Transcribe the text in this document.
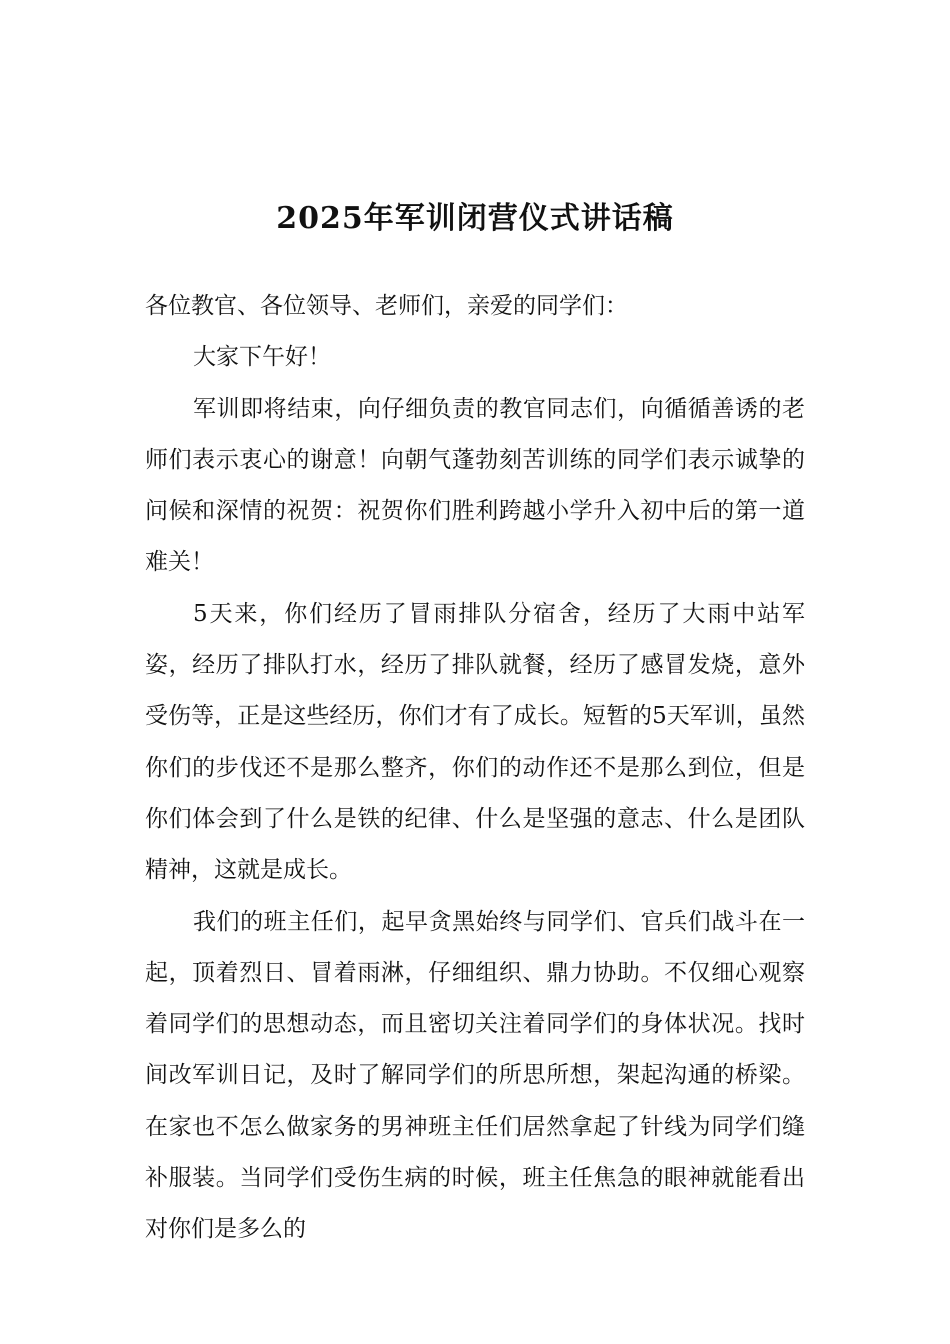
2025年军训闭营仪式讲话稿

各位教官、各位领导、老师们，亲爱的同学们：

大家下午好！

军训即将结束，向仔细负责的教官同志们，向循循善诱的老师们表示衷心的谢意！向朝气蓬勃刻苦训练的同学们表示诚挚的问候和深情的祝贺：祝贺你们胜利跨越小学升入初中后的第一道难关！

5天来，你们经历了冒雨排队分宿舍，经历了大雨中站军姿，经历了排队打水，经历了排队就餐，经历了感冒发烧，意外受伤等，正是这些经历，你们才有了成长。短暂的5天军训，虽然你们的步伐还不是那么整齐，你们的动作还不是那么到位，但是你们体会到了什么是铁的纪律、什么是坚强的意志、什么是团队精神，这就是成长。

我们的班主任们，起早贪黑始终与同学们、官兵们战斗在一起，顶着烈日、冒着雨淋，仔细组织、鼎力协助。不仅细心观察着同学们的思想动态，而且密切关注着同学们的身体状况。找时间改军训日记，及时了解同学们的所思所想，架起沟通的桥梁。在家也不怎么做家务的男神班主任们居然拿起了针线为同学们缝补服装。当同学们受伤生病的时候，班主任焦急的眼神就能看出对你们是多么的
